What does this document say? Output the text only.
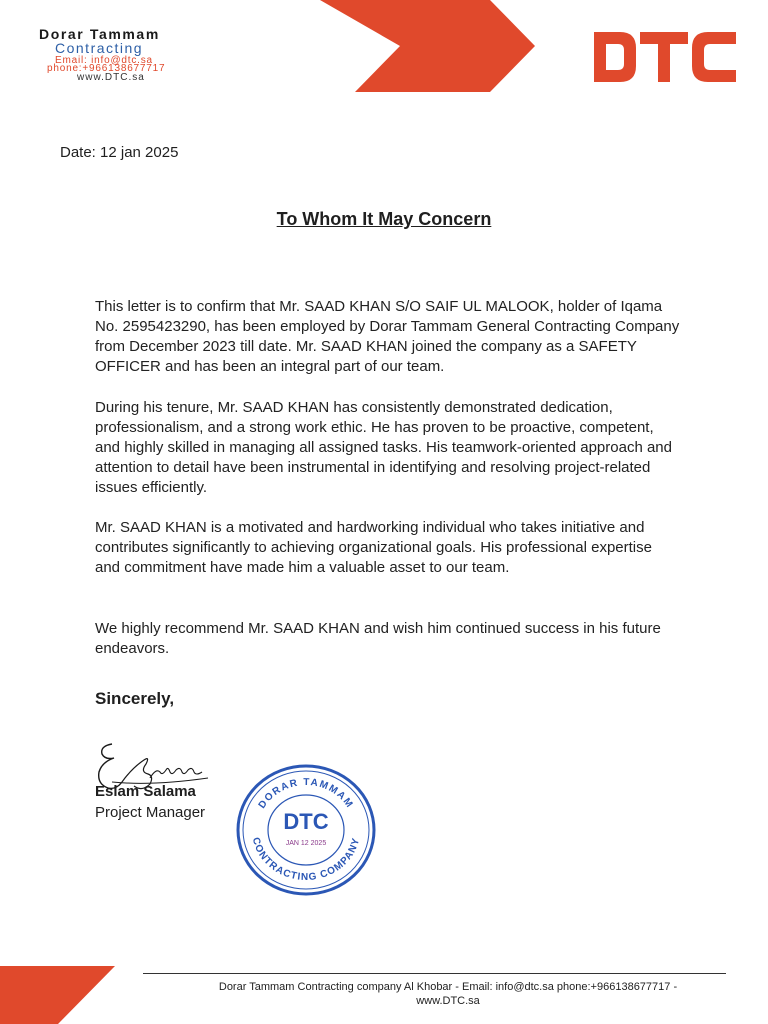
Dorar Tammam
Contracting
Email: info@dtc.sa
phone:+966138677717
www.DTC.sa
Date: 12 jan 2025
To Whom It May Concern
This letter is to confirm that Mr. SAAD KHAN S/O SAIF UL MALOOK, holder of Iqama No. 2595423290, has been employed by Dorar Tammam General Contracting Company from December 2023 till date. Mr. SAAD KHAN joined the company as a SAFETY OFFICER and has been an integral part of our team.
During his tenure, Mr. SAAD KHAN has consistently demonstrated dedication, professionalism, and a strong work ethic. He has proven to be proactive, competent, and highly skilled in managing all assigned tasks. His teamwork-oriented approach and attention to detail have been instrumental in identifying and resolving project-related issues efficiently.
Mr. SAAD KHAN is a motivated and hardworking individual who takes initiative and contributes significantly to achieving organizational goals. His professional expertise and commitment have made him a valuable asset to our team.
We highly recommend Mr. SAAD KHAN and wish him continued success in his future endeavors.
Sincerely,
Eslam Salama
Project Manager	DORAR TAMMAM
CONTRACTING COMPANY
DTC
JAN 12 2025
Dorar Tammam Contracting company Al Khobar - Email: info@dtc.sa phone:+966138677717 -
www.DTC.sa
